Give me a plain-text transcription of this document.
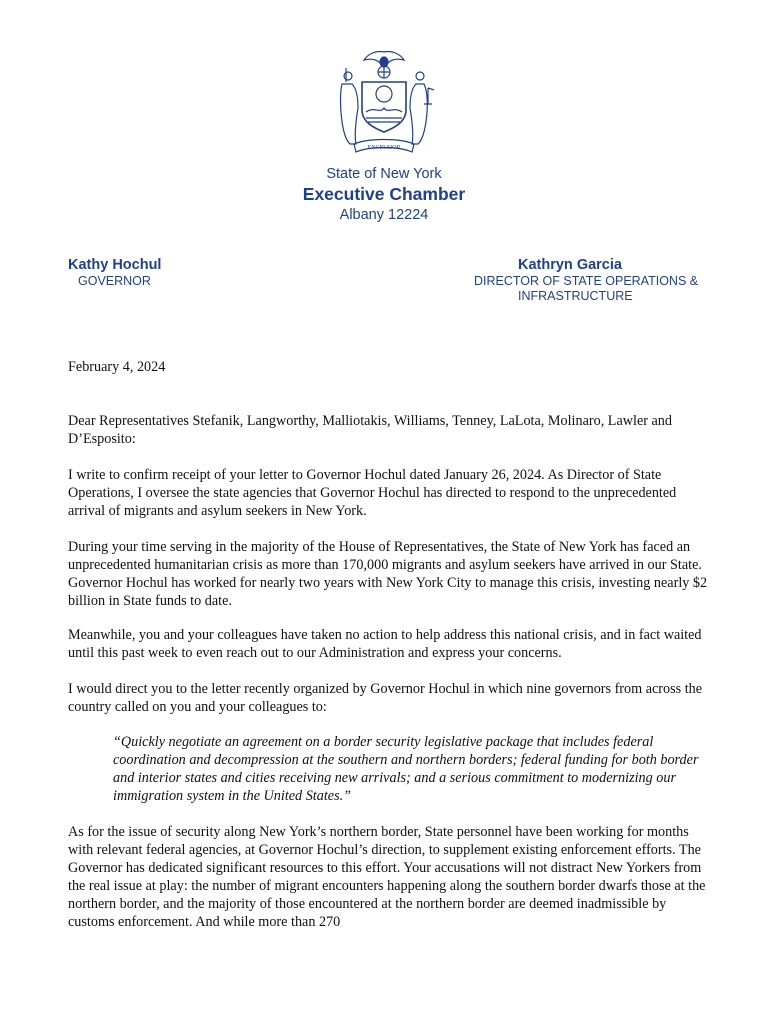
EXCELSIOR
State of New York
Executive Chamber
Albany 12224
Kathy Hochul
GOVERNOR
Kathryn Garcia
DIRECTOR OF STATE OPERATIONS &
INFRASTRUCTURE

February 4, 2024

Dear Representatives Stefanik, Langworthy, Malliotakis, Williams, Tenney, LaLota, Molinaro, Lawler and D’Esposito:

I write to confirm receipt of your letter to Governor Hochul dated January 26, 2024. As Director of State Operations, I oversee the state agencies that Governor Hochul has directed to respond to the unprecedented arrival of migrants and asylum seekers in New York.

During your time serving in the majority of the House of Representatives, the State of New York has faced an unprecedented humanitarian crisis as more than 170,000 migrants and asylum seekers have arrived in our State. Governor Hochul has worked for nearly two years with New York City to manage this crisis, investing nearly $2 billion in State funds to date.

Meanwhile, you and your colleagues have taken no action to help address this national crisis, and in fact waited until this past week to even reach out to our Administration and express your concerns.

I would direct you to the letter recently organized by Governor Hochul in which nine governors from across the country called on you and your colleagues to:

“Quickly negotiate an agreement on a border security legislative package that includes federal coordination and decompression at the southern and northern borders; federal funding for both border and interior states and cities receiving new arrivals; and a serious commitment to modernizing our immigration system in the United States.”

As for the issue of security along New York’s northern border, State personnel have been working for months with relevant federal agencies, at Governor Hochul’s direction, to supplement existing enforcement efforts. The Governor has dedicated significant resources to this effort. Your accusations will not distract New Yorkers from the real issue at play: the number of migrant encounters happening along the southern border dwarfs those at the northern border, and the majority of those encountered at the northern border are deemed inadmissible by customs enforcement. And while more than 270
